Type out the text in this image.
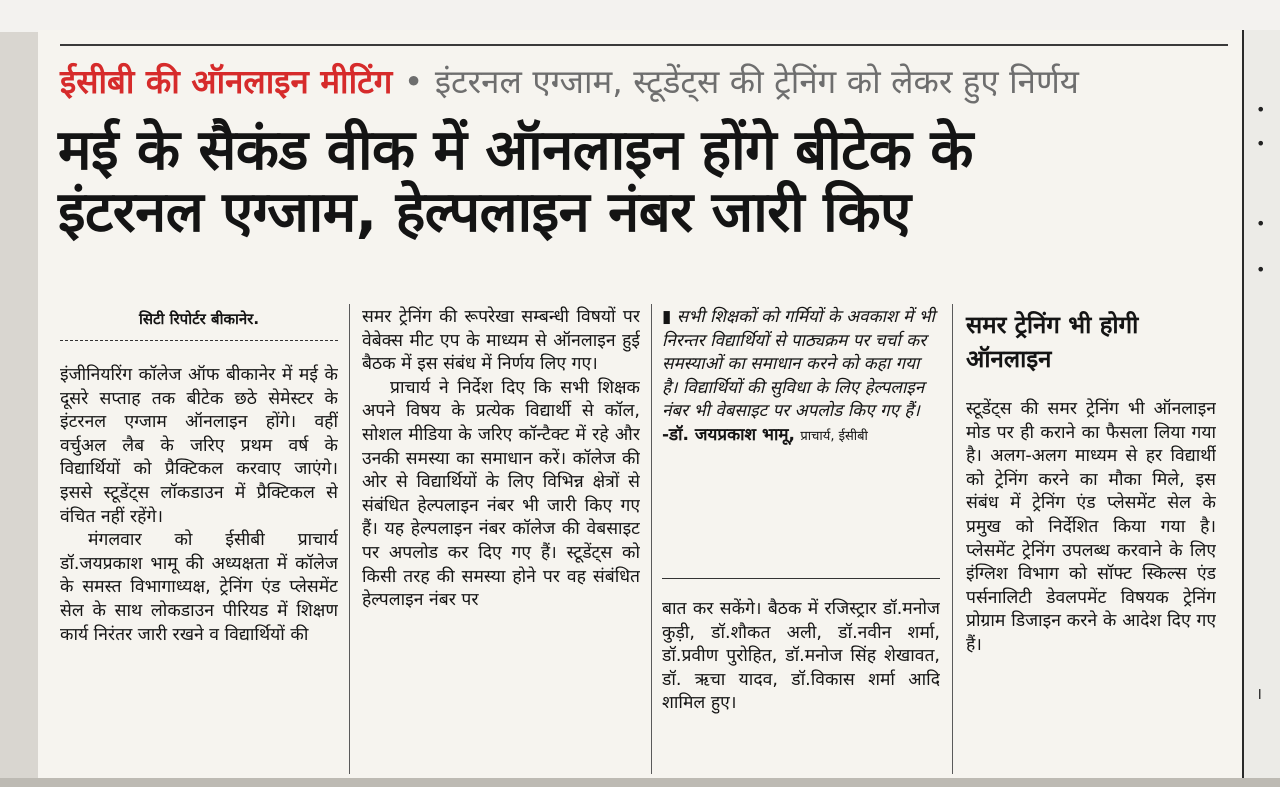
•
•
•
•
।
ईसीबी की ऑनलाइन मीटिंग • इंटरनल एग्जाम, स्टूडेंट्स की ट्रेनिंग को लेकर हुए निर्णय
मई के सैकंड वीक में ऑनलाइन होंगे बीटेक के
इंटरनल एग्जाम, हेल्पलाइन नंबर जारी किए
सिटी रिपोर्टर बीकानेर.

इंजीनियरिंग कॉलेज ऑफ बीकानेर में मई के दूसरे सप्ताह तक बीटेक छठे सेमेस्टर के इंटरनल एग्जाम ऑनलाइन होंगे। वहीं वर्चुअल लैब के जरिए प्रथम वर्ष के विद्यार्थियों को प्रैक्टिकल करवाए जाएंगे। इससे स्टूडेंट्स लॉकडाउन में प्रैक्टिकल से वंचित नहीं रहेंगे।

मंगलवार को ईसीबी प्राचार्य डॉ.जयप्रकाश भामू की अध्यक्षता में कॉलेज के समस्त विभागाध्यक्ष, ट्रेनिंग एंड प्लेसमेंट सेल के साथ लोकडाउन पीरियड में शिक्षण कार्य निरंतर जारी रखने व विद्यार्थियों की

समर ट्रेनिंग की रूपरेखा सम्बन्धी विषयों पर वेबेक्स मीट एप के माध्यम से ऑनलाइन हुई बैठक में इस संबंध में निर्णय लिए गए।

प्राचार्य ने निर्देश दिए कि सभी शिक्षक अपने विषय के प्रत्येक विद्यार्थी से कॉल, सोशल मीडिया के जरिए कॉन्टैक्ट में रहे और उनकी समस्या का समाधान करें। कॉलेज की ओर से विद्यार्थियों के लिए विभिन्न क्षेत्रों से संबंधित हेल्पलाइन नंबर भी जारी किए गए हैं। यह हेल्पलाइन नंबर कॉलेज की वेबसाइट पर अपलोड कर दिए गए हैं। स्टूडेंट्स को किसी तरह की समस्या होने पर वह संबंधित हेल्पलाइन नंबर पर

▮ सभी शिक्षकों को गर्मियों के अवकाश में भी निरन्तर विद्यार्थियों से पाठ्यक्रम पर चर्चा कर समस्याओं का समाधान करने को कहा गया है। विद्यार्थियों की सुविधा के लिए हेल्पलाइन नंबर भी वेबसाइट पर अपलोड किए गए हैं।
-डॉ. जयप्रकाश भामू, प्राचार्य, ईसीबी

बात कर सकेंगे। बैठक में रजिस्ट्रार डॉ.मनोज कुड़ी, डॉ.शौकत अली, डॉ.नवीन शर्मा, डॉ.प्रवीण पुरोहित, डॉ.मनोज सिंह शेखावत, डॉ. ऋचा यादव, डॉ.विकास शर्मा आदि शामिल हुए।

समर ट्रेनिंग भी होगी ऑनलाइन

स्टूडेंट्स की समर ट्रेनिंग भी ऑनलाइन मोड पर ही कराने का फैसला लिया गया है। अलग-अलग माध्यम से हर विद्यार्थी को ट्रेनिंग करने का मौका मिले, इस संबंध में ट्रेनिंग एंड प्लेसमेंट सेल के प्रमुख को निर्देशित किया गया है। प्लेसमेंट ट्रेनिंग उपलब्ध करवाने के लिए इंग्लिश विभाग को सॉफ्ट स्किल्स एंड पर्सनालिटी डेवलपमेंट विषयक ट्रेनिंग प्रोग्राम डिजाइन करने के आदेश दिए गए हैं।
